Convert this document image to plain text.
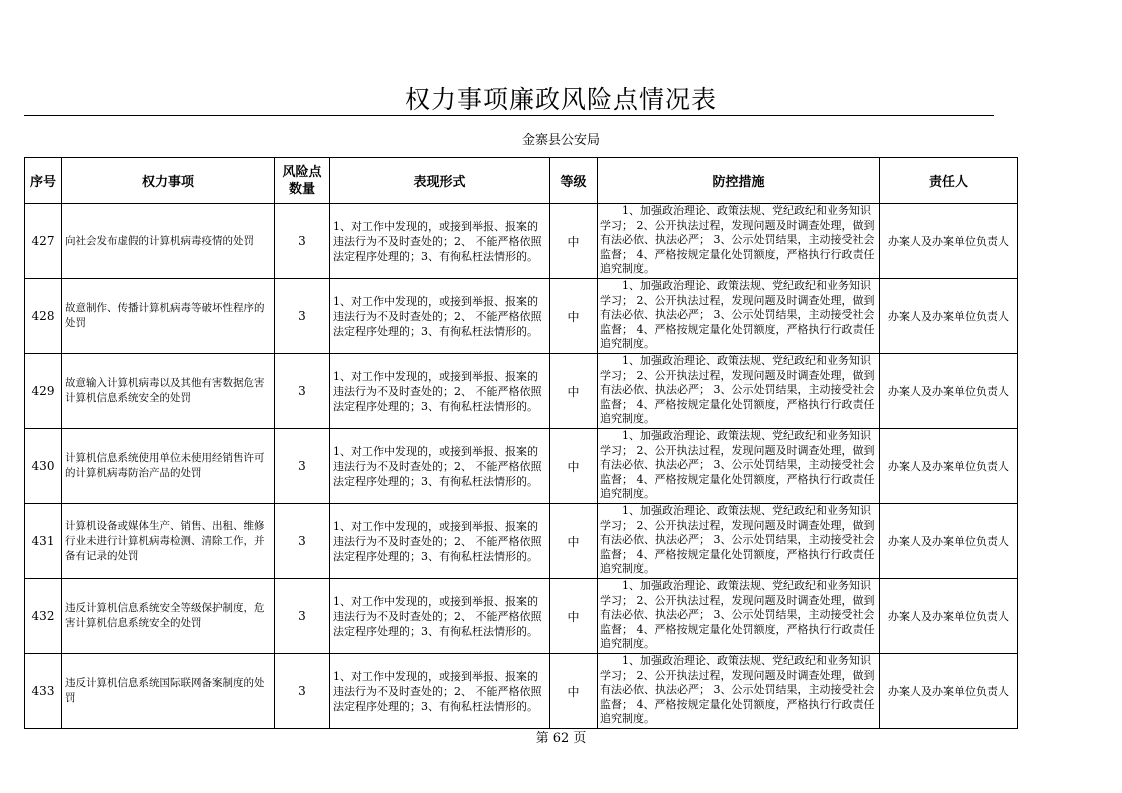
权力事项廉政风险点情况表
金寨县公安局
序号	权力事项	风险点数量	表现形式	等级	防控措施	责任人
427	向社会发布虚假的计算机病毒疫情的处罚	3	1、对工作中发现的，或接到举报、报案的违法行为不及时查处的；2、 不能严格依照法定程序处理的；3、有徇私枉法情形的。	中	1、加强政治理论、政策法规、党纪政纪和业务知识学习； 2、公开执法过程，发现问题及时调查处理，做到有法必依、执法必严； 3、公示处罚结果，主动接受社会监督； 4、严格按规定量化处罚额度，严格执行行政责任追究制度。	办案人及办案单位负责人
428	故意制作、传播计算机病毒等破坏性程序的处罚	3	1、对工作中发现的，或接到举报、报案的违法行为不及时查处的；2、 不能严格依照法定程序处理的；3、有徇私枉法情形的。	中	1、加强政治理论、政策法规、党纪政纪和业务知识学习； 2、公开执法过程，发现问题及时调查处理，做到有法必依、执法必严； 3、公示处罚结果，主动接受社会监督； 4、严格按规定量化处罚额度，严格执行行政责任追究制度。	办案人及办案单位负责人
429	故意输入计算机病毒以及其他有害数据危害计算机信息系统安全的处罚	3	1、对工作中发现的，或接到举报、报案的违法行为不及时查处的；2、 不能严格依照法定程序处理的；3、有徇私枉法情形的。	中	1、加强政治理论、政策法规、党纪政纪和业务知识学习； 2、公开执法过程，发现问题及时调查处理，做到有法必依、执法必严； 3、公示处罚结果，主动接受社会监督； 4、严格按规定量化处罚额度，严格执行行政责任追究制度。	办案人及办案单位负责人
430	计算机信息系统使用单位未使用经销售许可的计算机病毒防治产品的处罚	3	1、对工作中发现的，或接到举报、报案的违法行为不及时查处的；2、 不能严格依照法定程序处理的；3、有徇私枉法情形的。	中	1、加强政治理论、政策法规、党纪政纪和业务知识学习； 2、公开执法过程，发现问题及时调查处理，做到有法必依、执法必严； 3、公示处罚结果，主动接受社会监督； 4、严格按规定量化处罚额度，严格执行行政责任追究制度。	办案人及办案单位负责人
431	计算机设备或媒体生产、销售、出租、维修行业未进行计算机病毒检测、清除工作，并备有记录的处罚	3	1、对工作中发现的，或接到举报、报案的违法行为不及时查处的；2、 不能严格依照法定程序处理的；3、有徇私枉法情形的。	中	1、加强政治理论、政策法规、党纪政纪和业务知识学习； 2、公开执法过程，发现问题及时调查处理，做到有法必依、执法必严； 3、公示处罚结果，主动接受社会监督； 4、严格按规定量化处罚额度，严格执行行政责任追究制度。	办案人及办案单位负责人
432	违反计算机信息系统安全等级保护制度，危害计算机信息系统安全的处罚	3	1、对工作中发现的，或接到举报、报案的违法行为不及时查处的；2、 不能严格依照法定程序处理的；3、有徇私枉法情形的。	中	1、加强政治理论、政策法规、党纪政纪和业务知识学习； 2、公开执法过程，发现问题及时调查处理，做到有法必依、执法必严； 3、公示处罚结果，主动接受社会监督； 4、严格按规定量化处罚额度，严格执行行政责任追究制度。	办案人及办案单位负责人
433	违反计算机信息系统国际联网备案制度的处罚	3	1、对工作中发现的，或接到举报、报案的违法行为不及时查处的；2、 不能严格依照法定程序处理的；3、有徇私枉法情形的。	中	1、加强政治理论、政策法规、党纪政纪和业务知识学习； 2、公开执法过程，发现问题及时调查处理，做到有法必依、执法必严； 3、公示处罚结果，主动接受社会监督； 4、严格按规定量化处罚额度，严格执行行政责任追究制度。	办案人及办案单位负责人
第 62 页
